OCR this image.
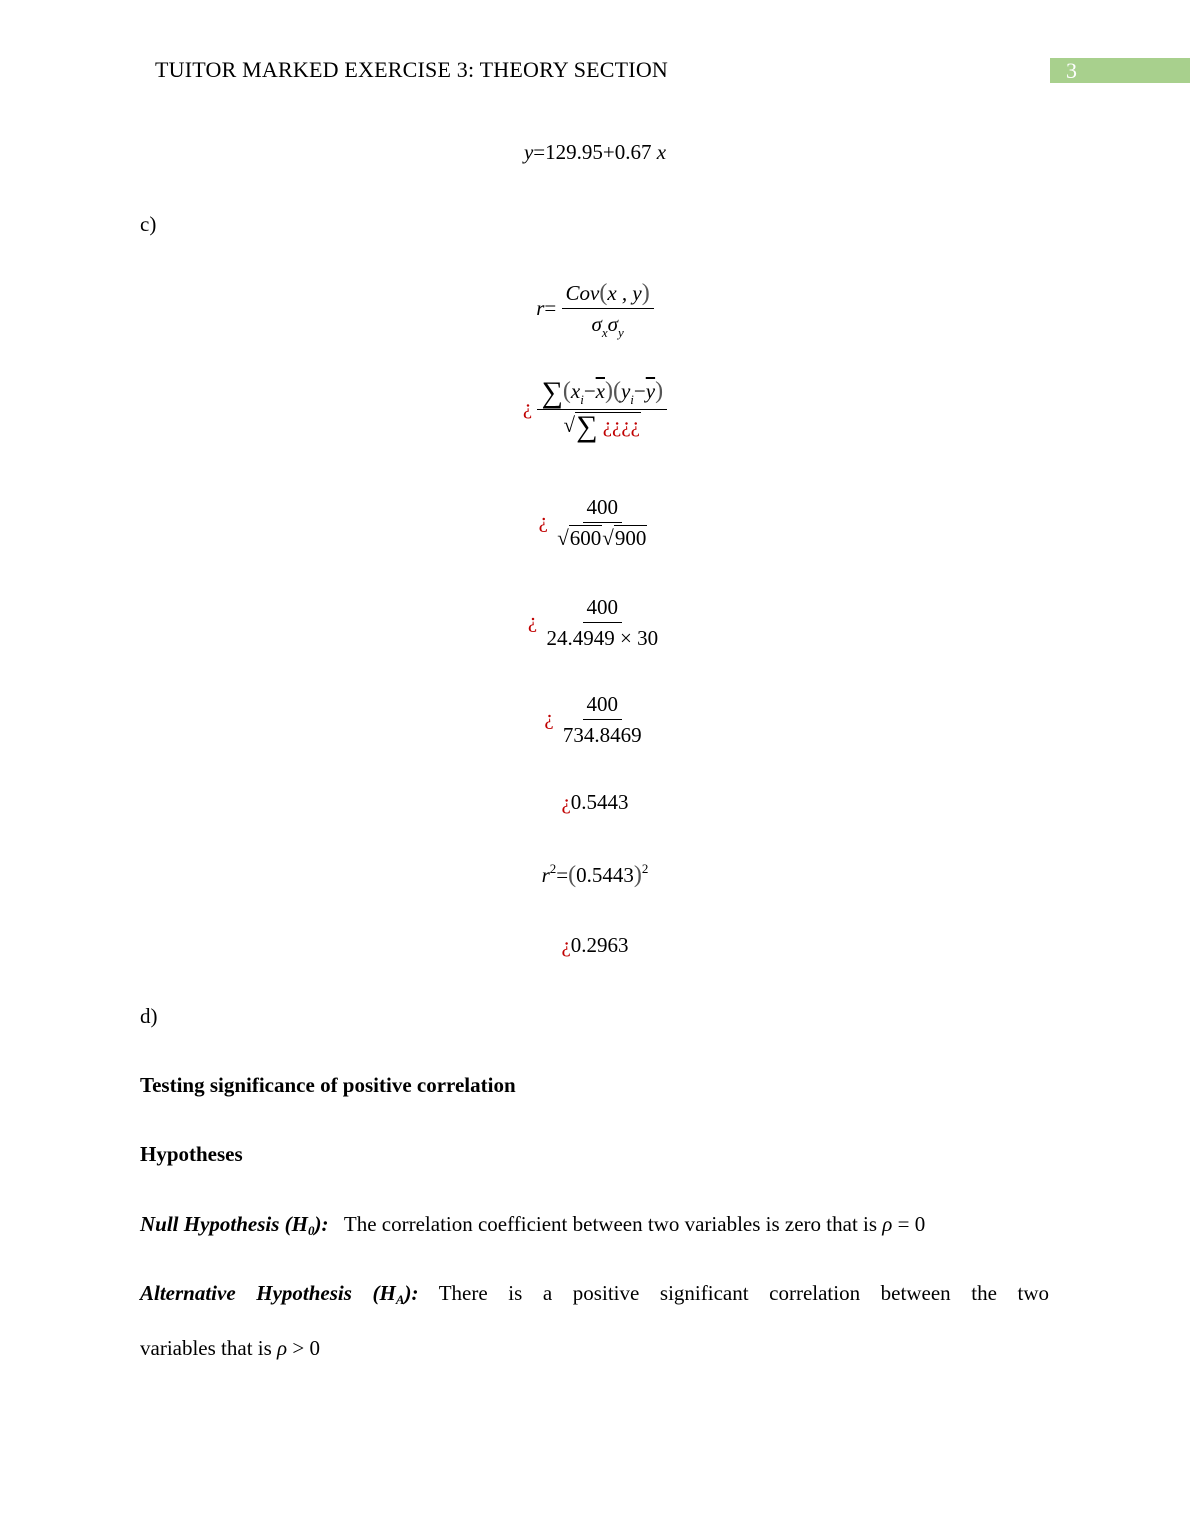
TUITOR MARKED EXERCISE 3: THEORY SECTION	3
y=129.95+0.67 x
c)
$r= \frac{\text{Cov(x , y)}}{\sigma_x\sigma_y}$
¿ $\frac{\sum(x_i-\overline{x})(y_i-\overline{y})}{√\sum ¿¿¿¿}$
¿ $\frac{400}{√600√900}$
¿ $\frac{400}{24.4949 \times 30}$
¿ $\frac{400}{734.8469}$
¿0.5443
$r^2=(0.5443)^2$
¿0.2963
d)
Testing significance of positive correlation
Hypotheses
Null Hypothesis (H0): The correlation coefficient between two variables is zero that is ρ = 0
Alternative Hypothesis (HA): There is a positive significant correlation between the two
variables that is ρ > 0
